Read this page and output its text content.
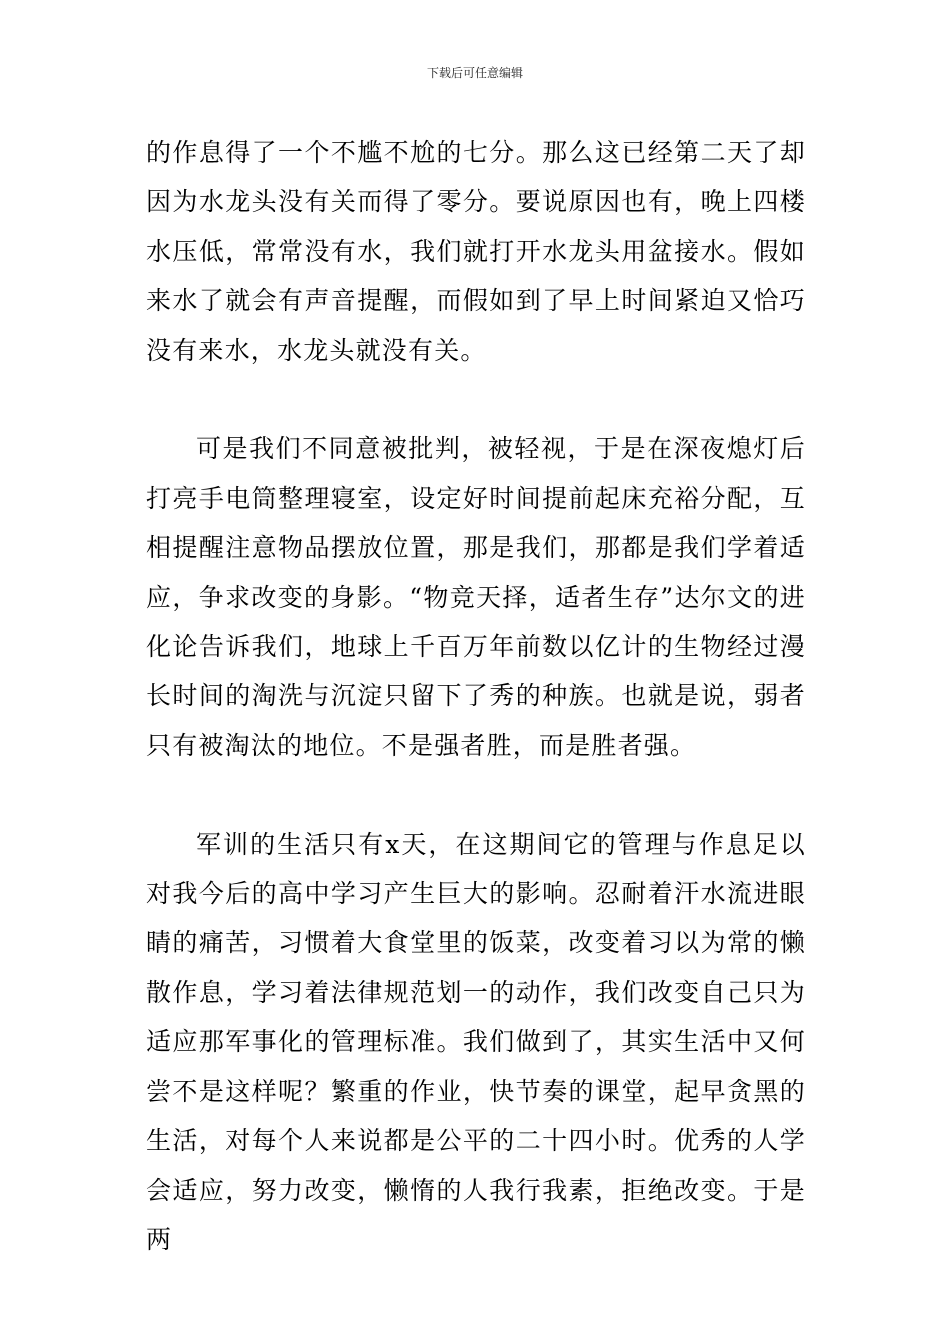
下载后可任意编辑

的作息得了一个不尴不尬的七分。那么这已经第二天了却因为水龙头没有关而得了零分。要说原因也有，晚上四楼水压低，常常没有水，我们就打开水龙头用盆接水。假如来水了就会有声音提醒，而假如到了早上时间紧迫又恰巧没有来水，水龙头就没有关。

可是我们不同意被批判，被轻视，于是在深夜熄灯后打亮手电筒整理寝室，设定好时间提前起床充裕分配，互相提醒注意物品摆放位置，那是我们，那都是我们学着适应，争求改变的身影。“物竞天择，适者生存”达尔文的进化论告诉我们，地球上千百万年前数以亿计的生物经过漫长时间的淘洗与沉淀只留下了秀的种族。也就是说，弱者只有被淘汰的地位。不是强者胜，而是胜者强。

军训的生活只有x天，在这期间它的管理与作息足以对我今后的高中学习产生巨大的影响。忍耐着汗水流进眼睛的痛苦，习惯着大食堂里的饭菜，改变着习以为常的懒散作息，学习着法律规范划一的动作，我们改变自己只为适应那军事化的管理标准。我们做到了，其实生活中又何尝不是这样呢？繁重的作业，快节奏的课堂，起早贪黑的生活，对每个人来说都是公平的二十四小时。优秀的人学会适应，努力改变，懒惰的人我行我素，拒绝改变。于是两
